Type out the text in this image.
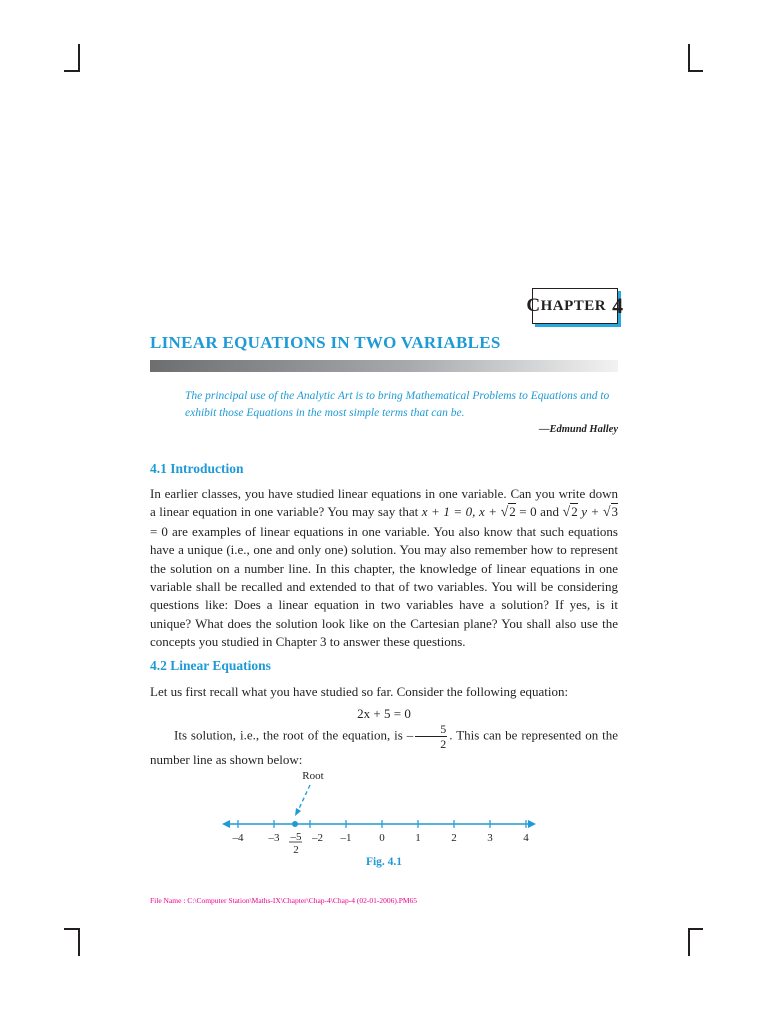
C HAPTER 4
LINEAR EQUATIONS IN TWO VARIABLES

The principal use of the Analytic Art is to bring Mathematical Problems to Equations and to exhibit those Equations in the most simple terms that can be.

—Edmund Halley
4.1 Introduction

In earlier classes, you have studied linear equations in one variable. Can you write down a linear equation in one variable? You may say that x + 1 = 0, x + √2 = 0 and √2 y + √3 = 0 are examples of linear equations in one variable. You also know that such equations have a unique (i.e., one and only one) solution. You may also remember how to represent the solution on a number line. In this chapter, the knowledge of linear equations in one variable shall be recalled and extended to that of two variables. You will be considering questions like: Does a linear equation in two variables have a solution? If yes, is it unique? What does the solution look like on the Cartesian plane? You shall also use the concepts you studied in Chapter 3 to answer these questions.

4.2 Linear Equations
Let us first recall what you have studied so far. Consider the following equation:
2x + 5 = 0

Its solution, i.e., the root of the equation, is – $\frac{5}{2}$ . This can be represented on the number line as shown below:

Root
–4 –3	–1	0	1	2	3	4
–2
–5
2
Fig. 4.1
File Name : C:\Computer Station\Maths-IX\Chapter\Chap-4\Chap-4 (02-01-2006).PM65
